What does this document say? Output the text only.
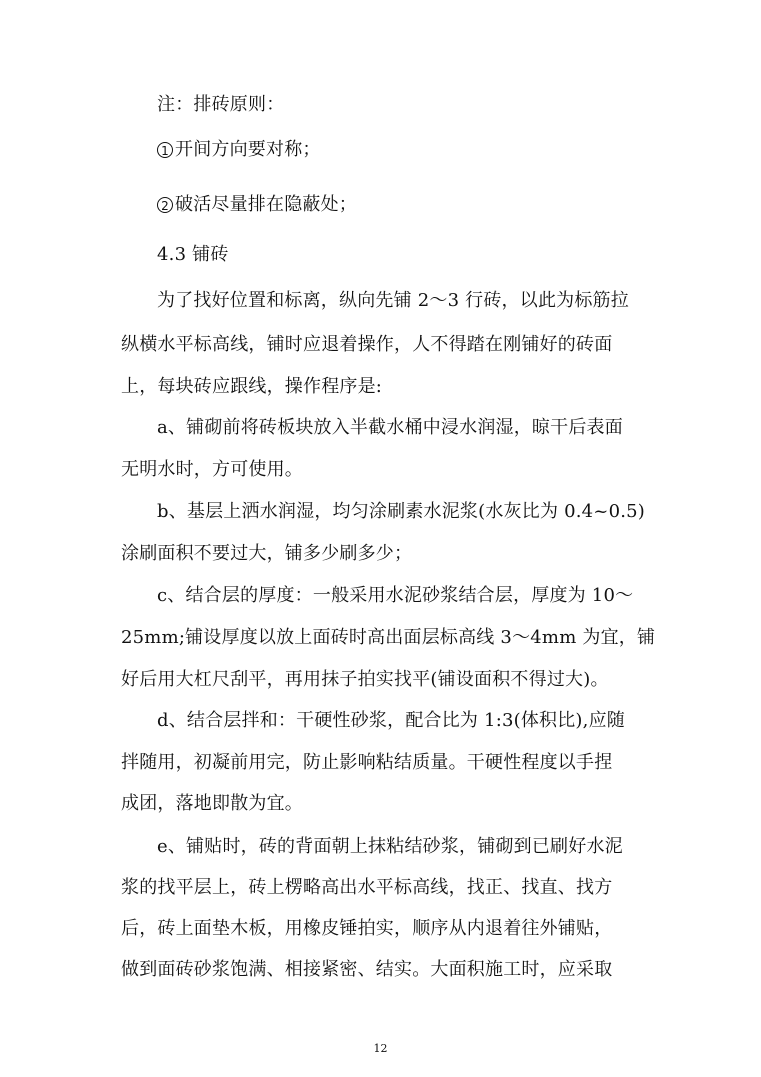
注：排砖原则：
1 开间方向要对称；
2 破活尽量排在隐蔽处；
4.3 铺砖
为了找好位置和标离，纵向先铺 2～3 行砖，以此为标筋拉
纵横水平标高线，铺时应退着操作，人不得踏在刚铺好的砖面
上，每块砖应跟线，操作程序是:
a、铺砌前将砖板块放入半截水桶中浸水润湿，晾干后表面
无明水时，方可使用。
b、基层上洒水润湿，均匀涂刷素水泥浆(水灰比为 0.4~0.5)
涂刷面积不要过大，铺多少刷多少；
c、结合层的厚度：一般采用水泥砂浆结合层，厚度为 10～
25mm;铺设厚度以放上面砖时高出面层标高线 3～4mm 为宜，铺
好后用大杠尺刮平，再用抹子拍实找平(铺设面积不得过大)。
d、结合层拌和：干硬性砂浆，配合比为 1:3(体积比),应随
拌随用，初凝前用完，防止影响粘结质量。干硬性程度以手捏
成团，落地即散为宜。
e、铺贴时，砖的背面朝上抹粘结砂浆，铺砌到已刷好水泥
浆的找平层上，砖上楞略高出水平标高线，找正、找直、找方
后，砖上面垫木板，用橡皮锤拍实，顺序从内退着往外铺贴，
做到面砖砂浆饱满、相接紧密、结实。大面积施工时，应采取
12
